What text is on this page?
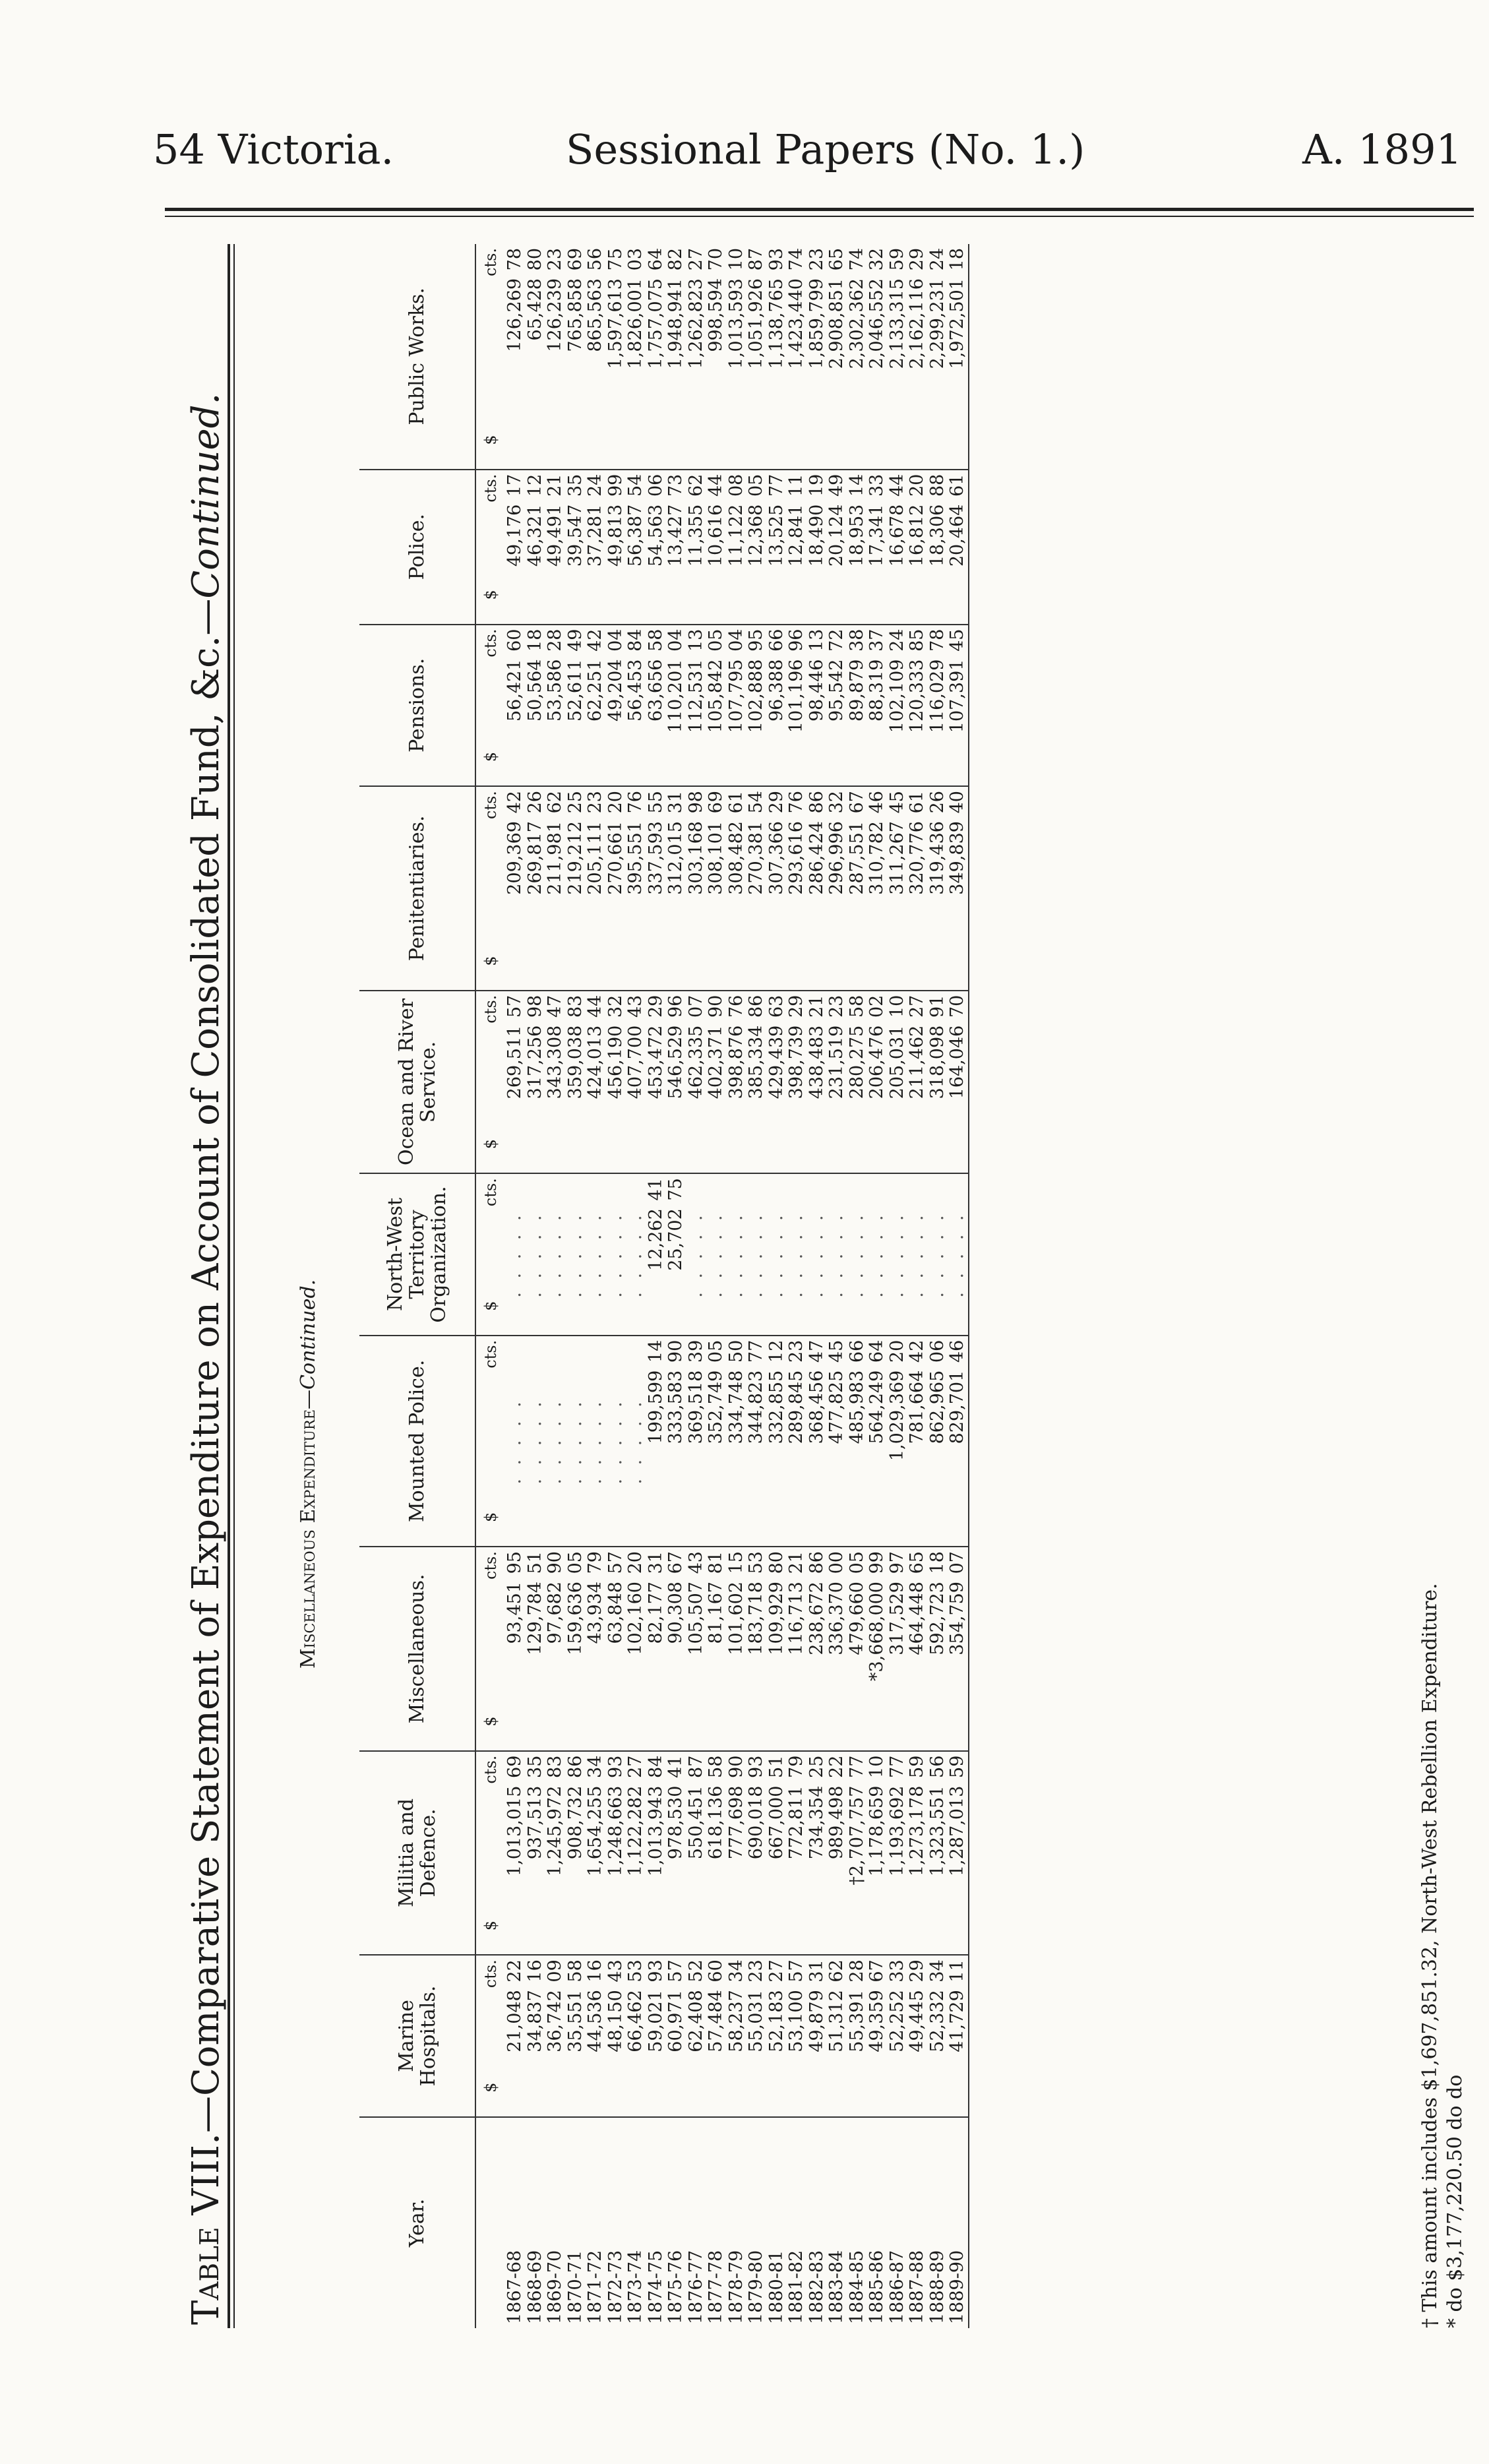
54 Victoria.	Sessional Papers (No. 1.)	A. 1891
Table VIII.—Comparative Statement of Expenditure on Account of Consolidated Fund, &c.—Continued.
Miscellaneous Expenditure—Continued.
Year.	Marine Hospitals.	Militia and Defence.	Miscellaneous.	Mounted Police.	North-West Territory Organization.	Ocean and River Service.	Penitentiaries.	Pensions.	Police.	Public Works.

	$
cts.	$
cts.	$
cts.	$
cts.	$
cts.	$
cts.	$
cts.	$
cts.	$
cts.	$
cts.

1867-68	21,04822	1,013,01569	93,45195	. . . . .	. . . . .	269,51157	209,36942	56,42160	49,17617	126,26978
1868-69	34,83716	937,51335	129,78451	. . . . .	. . . . .	317,25698	269,81726	50,56418	46,32112	65,42880
1869-70	36,74209	1,245,97283	97,68290	. . . . .	. . . . .	343,30847	211,98162	53,58628	49,49121	126,23923
1870-71	35,55158	908,73286	159,63605	. . . . .	. . . . .	359,03883	219,21225	52,61149	39,54735	765,85869
1871-72	44,53616	1,654,25534	43,93479	. . . . .	. . . . .	424,01344	205,11123	62,25142	37,28124	865,56356
1872-73	48,15043	1,248,66393	63,84857	. . . . .	. . . . .	456,19032	270,66120	49,20404	49,81399	1,597,61375
1873-74	66,46253	1,122,28227	102,16020	. . . . .	. . . . .	407,70043	395,55176	56,45384	56,38754	1,826,00103
1874-75	59,02193	1,013,94384	82,17731	199,59914	12,26241	453,47229	337,59355	63,65658	54,56306	1,757,07564
1875-76	60,97157	978,53041	90,30867	333,58390	25,70275	546,52996	312,01531	110,20104	13,42773	1,948,94182
1876-77	62,40852	550,45187	105,50743	369,51839	. . . . .	462,33507	303,16898	112,53113	11,35562	1,262,82327
1877-78	57,48460	618,13658	81,16781	352,74905	. . . . .	402,37190	308,10169	105,84205	10,61644	998,59470
1878-79	58,23734	777,69890	101,60215	334,74850	. . . . .	398,87676	308,48261	107,79504	11,12208	1,013,59310
1879-80	55,03123	690,01893	183,71853	344,82377	. . . . .	385,33486	270,38154	102,88895	12,36805	1,051,92687
1880-81	52,18327	667,00051	109,92980	332,85512	. . . . .	429,43963	307,36629	96,38866	13,52577	1,138,76593
1881-82	53,10057	772,81179	116,71321	289,84523	. . . . .	398,73929	293,61676	101,19696	12,84111	1,423,44074
1882-83	49,87931	734,35425	238,67286	368,45647	. . . . .	438,48321	286,42486	98,44613	18,49019	1,859,79923
1883-84	51,31262	989,49822	336,37000	477,82545	. . . . .	231,51923	296,99632	95,54272	20,12449	2,908,85165
1884-85	55,39128	†2,707,75777	479,66005	485,98366	. . . . .	280,27558	287,55167	89,87938	18,95314	2,302,36274
1885-86	49,35967	1,178,65910	*3,668,00099	564,24964	. . . . .	206,47602	310,78246	88,31937	17,34133	2,046,55232
1886-87	52,25233	1,193,69277	317,52997	1,029,36920	. . . . .	205,03110	311,26745	102,10924	16,67844	2,133,31559
1887-88	49,44529	1,273,17859	464,44865	781,66442	. . . . .	211,46227	320,77661	120,33385	16,81220	2,162,11629
1888-89	52,33234	1,323,55156	592,72318	862,96506	. . . . .	318,09891	319,43626	116,02978	18,30688	2,299,23124
1889-90	41,72911	1,287,01359	354,75907	829,70146	. . . . .	164,04670	349,83940	107,39145	20,46461	1,972,50118
† This amount includes $1,697,851.32, North-West Rebellion Expenditure. * do $3,177,220.50 do do
